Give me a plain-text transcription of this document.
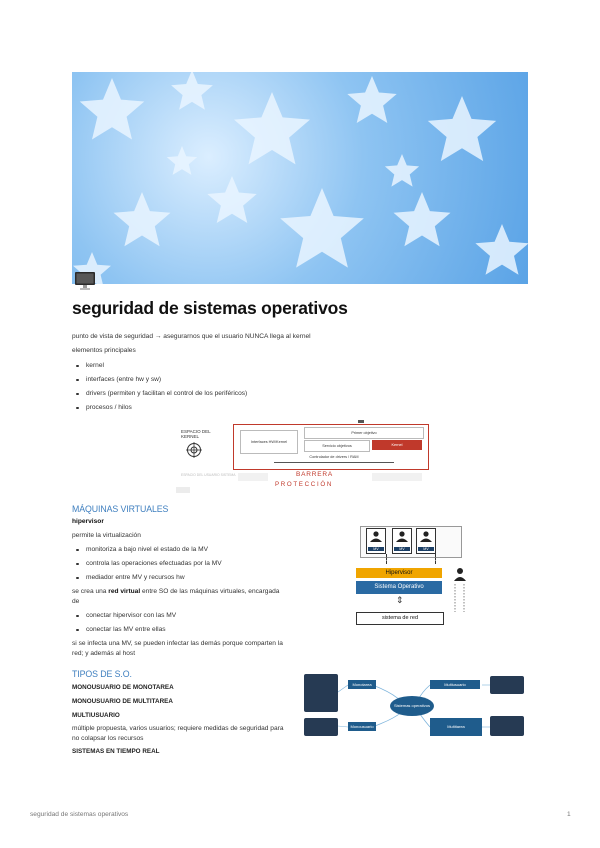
seguridad de sistemas operativos
punto de vista de seguridad → asegurarnos que el usuario NUNCA llega al kernel
elementos principales
kernel
interfaces (entre hw y sw)
drivers (permiten y facilitan el control de los periféricos)
procesos / hilos
ESPACIO DEL
KERNEL
Interfaces HW/Kernel
Primer objetivo
Servicio objetivos	Kernel
Controlador de drivers / RAM
ESPACIO DEL USUARIO SISTEMA	BARRERA
P R O T E C C I Ó N
MÁQUINAS VIRTUALES
hipervisor
permite la virtualización
monitoriza a bajo nivel el estado de la MV
controla las operaciones efectuadas por la MV
mediador entre MV y recursos hw
se crea una red virtual entre SO de las máquinas virtuales, encargada
de
conectar hipervisor con las MV
conectar las MV entre ellas
si se infecta una MV, se pueden infectar las demás porque comparten la
red; y además al host
MV	MV	MV
Hipervisor
Sistema Operativo
⇕
sistema de red
TIPOS DE S.O.
MONOUSUARIO DE MONOTAREA
MONOUSUARIO DE MULTITAREA
MULTIUSUARIO
múltiple propuesta, varios usuarios; requiere medidas de seguridad para
no colapsar los recursos
SISTEMAS EN TIEMPO REAL
Monotarea	Multiusuario
Monousuario	Multitarea
Sistemas operativos
seguridad de sistemas operativos	1
